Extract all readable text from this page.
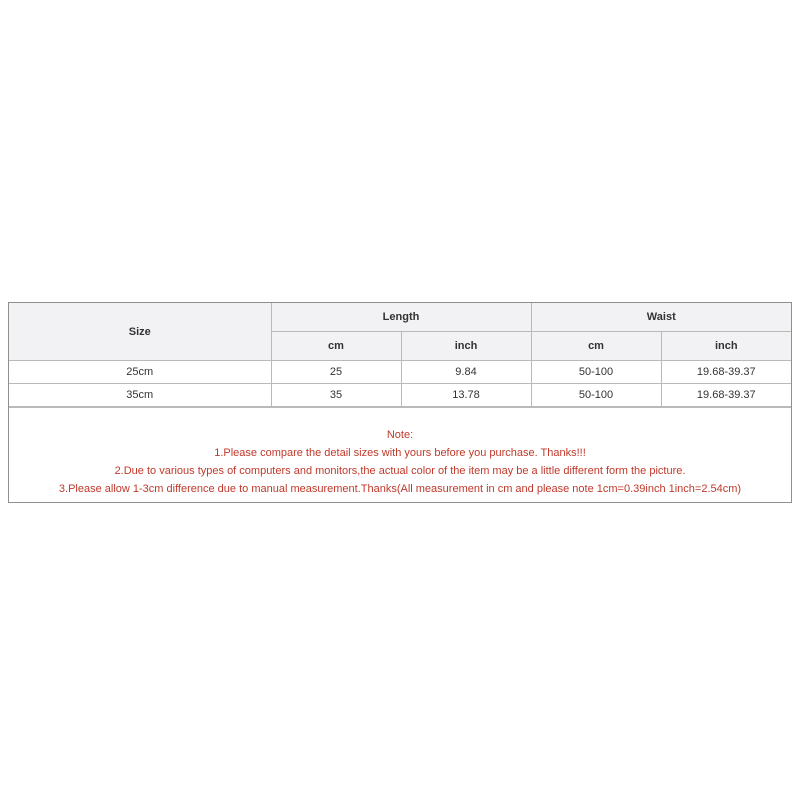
Size	Length		Waist	
	cm	inch	cm	inch
25cm	25	9.84	50-100	19.68-39.37
35cm	35	13.78	50-100	19.68-39.37
Note:
1.Please compare the detail sizes with yours before you purchase. Thanks!!!
2.Due to various types of computers and monitors,the actual color of the item may be a little different form the picture.
3.Please allow 1-3cm difference due to manual measurement.Thanks(All measurement in cm and please note 1cm=0.39inch 1inch=2.54cm)
